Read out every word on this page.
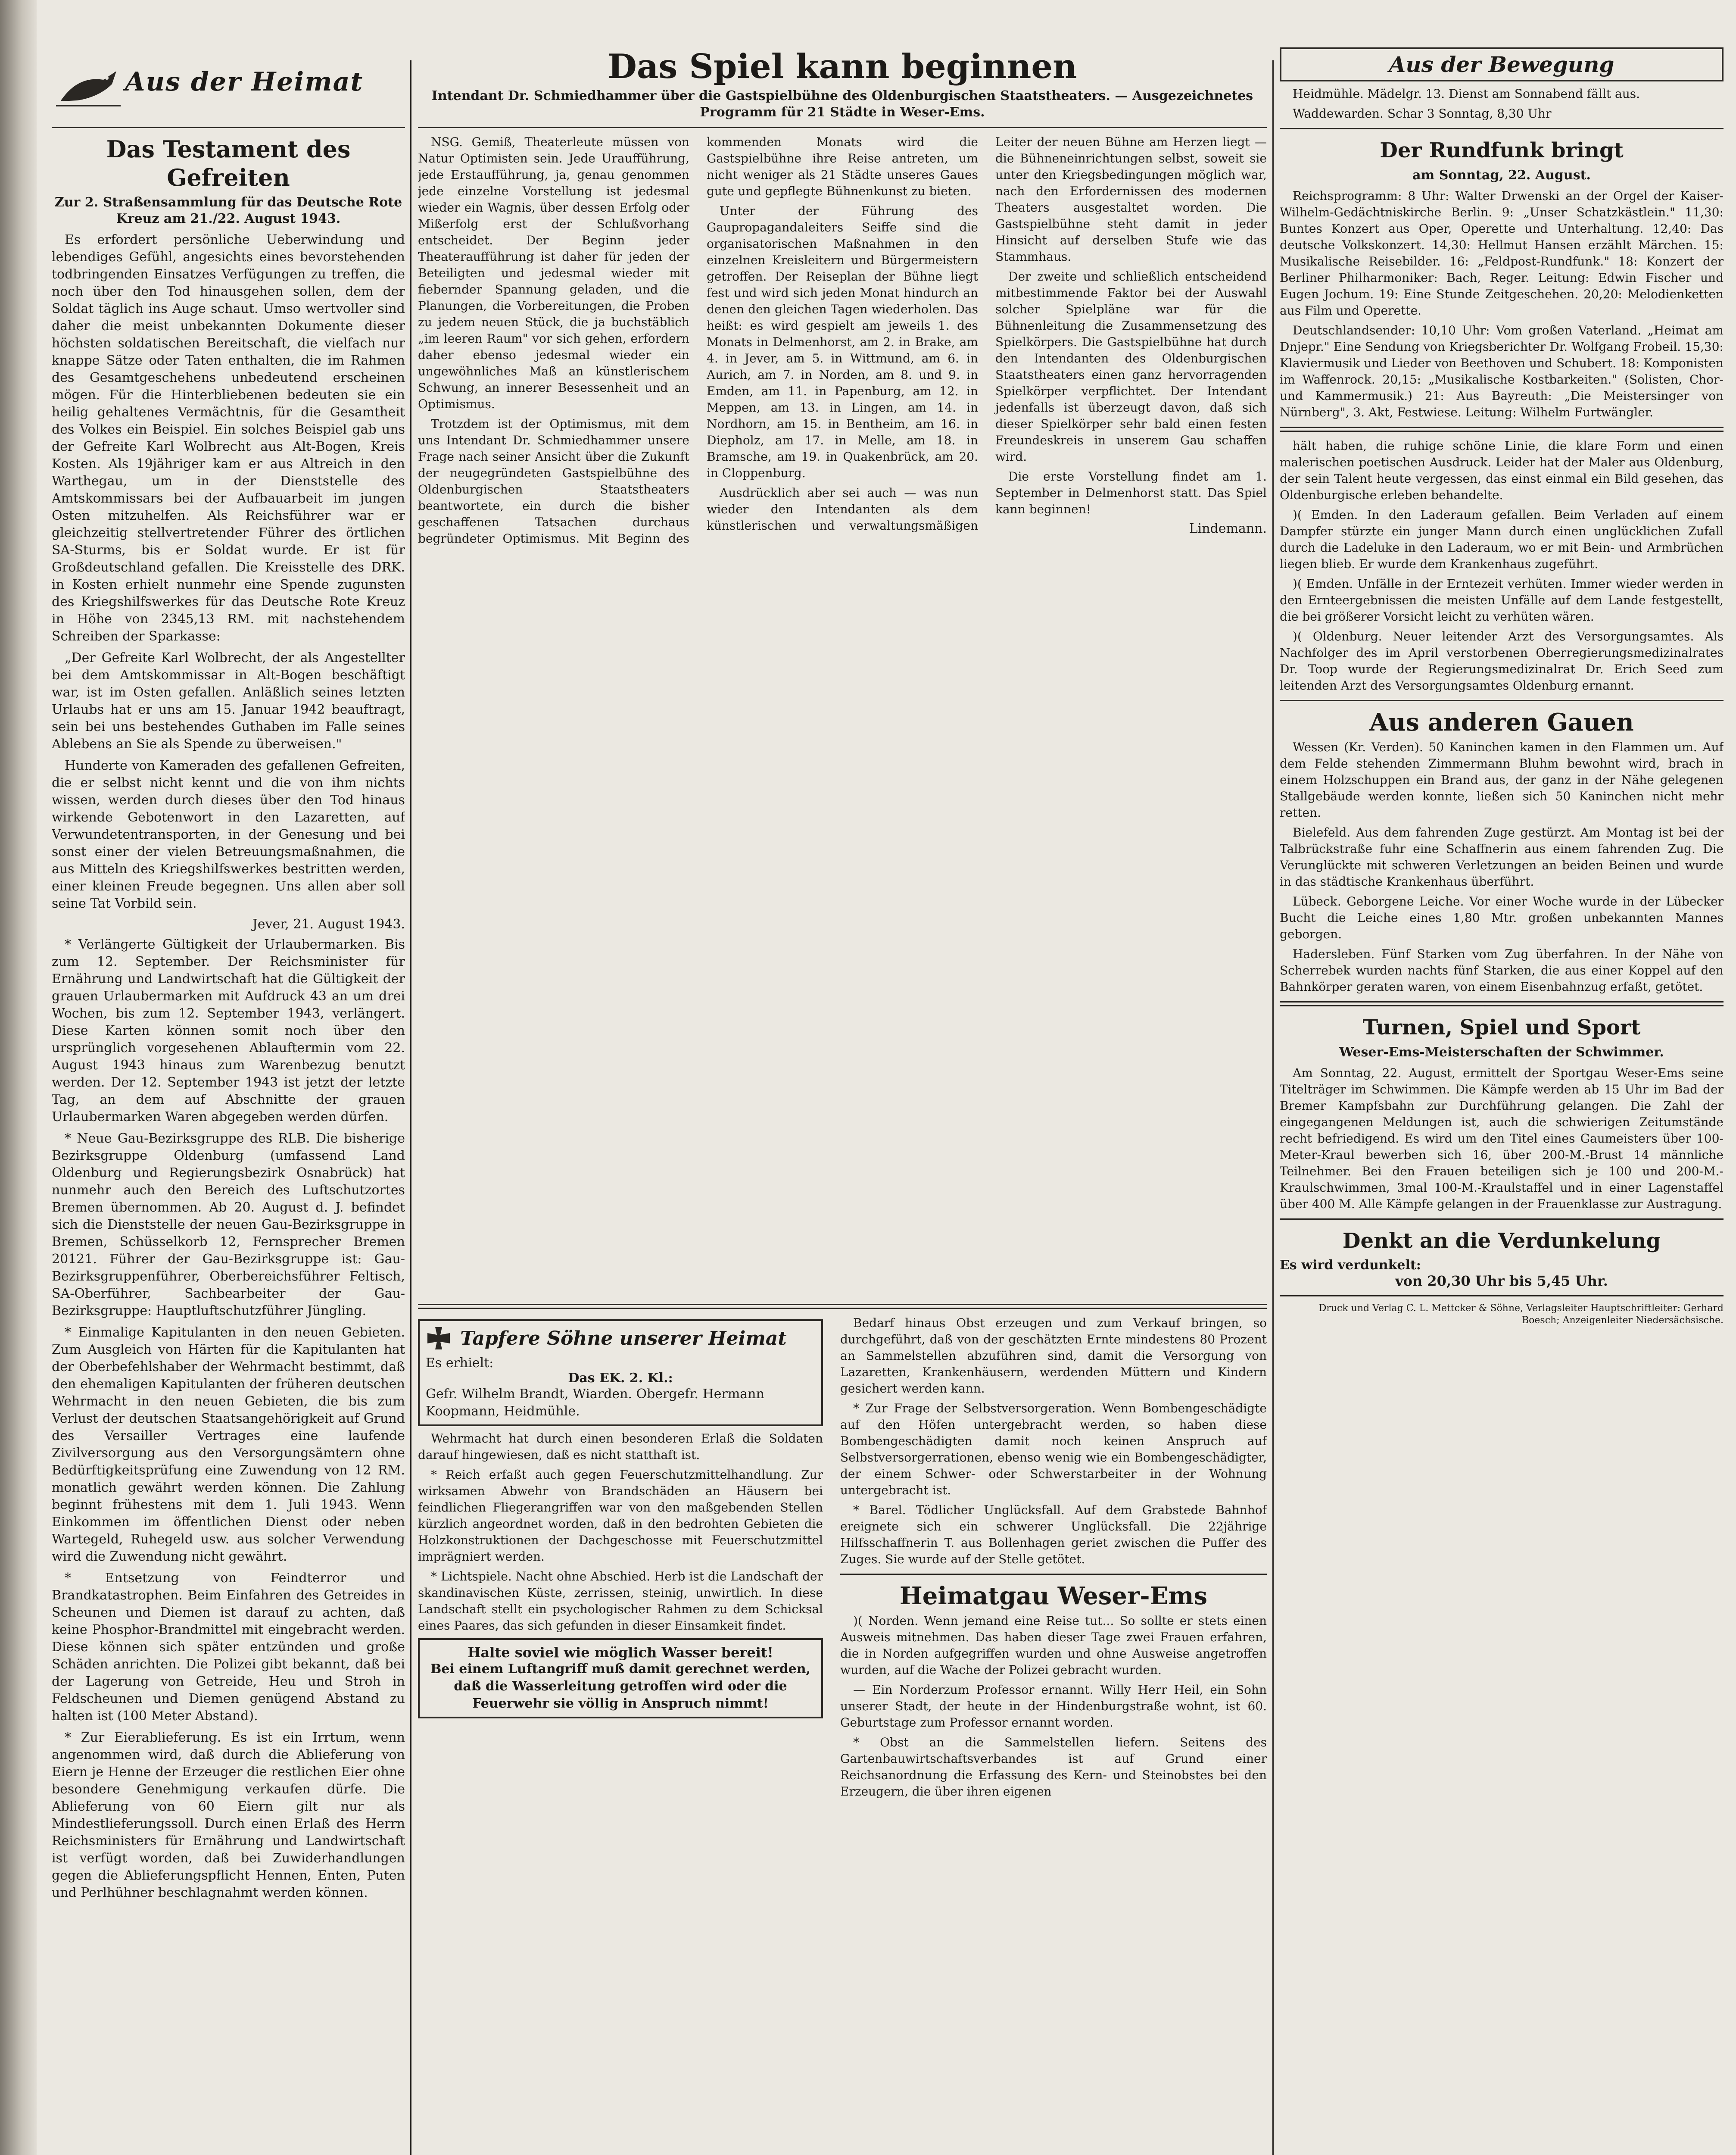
Aus der Heimat
Das Testament des Gefreiten
Zur 2. Straßensammlung für das Deutsche Rote Kreuz am 21./22. August 1943.

Es erfordert persönliche Ueberwindung und lebendiges Gefühl, angesichts eines bevorstehenden todbringenden Einsatzes Verfügungen zu treffen, die noch über den Tod hinausgehen sollen, dem der Soldat täglich ins Auge schaut. Umso wertvoller sind daher die meist unbekannten Dokumente dieser höchsten soldatischen Bereitschaft, die vielfach nur knappe Sätze oder Taten enthalten, die im Rahmen des Gesamtgeschehens unbedeutend erscheinen mögen. Für die Hinterbliebenen bedeuten sie ein heilig gehaltenes Vermächtnis, für die Gesamtheit des Volkes ein Beispiel. Ein solches Beispiel gab uns der Gefreite Karl Wolbrecht aus Alt-Bogen, Kreis Kosten. Als 19jähriger kam er aus Altreich in den Warthegau, um in der Dienststelle des Amtskommissars bei der Aufbauarbeit im jungen Osten mitzuhelfen. Als Reichsführer war er gleichzeitig stellvertretender Führer des örtlichen SA-Sturms, bis er Soldat wurde. Er ist für Großdeutschland gefallen. Die Kreisstelle des DRK. in Kosten erhielt nunmehr eine Spende zugunsten des Kriegshilfswerkes für das Deutsche Rote Kreuz in Höhe von 2345,13 RM. mit nachstehendem Schreiben der Sparkasse:

„Der Gefreite Karl Wolbrecht, der als Angestellter bei dem Amtskommissar in Alt-Bogen beschäftigt war, ist im Osten gefallen. Anläßlich seines letzten Urlaubs hat er uns am 15. Januar 1942 beauftragt, sein bei uns bestehendes Guthaben im Falle seines Ablebens an Sie als Spende zu überweisen."

Hunderte von Kameraden des gefallenen Gefreiten, die er selbst nicht kennt und die von ihm nichts wissen, werden durch dieses über den Tod hinaus wirkende Gebotenwort in den Lazaretten, auf Verwundetentransporten, in der Genesung und bei sonst einer der vielen Betreuungsmaßnahmen, die aus Mitteln des Kriegshilfswerkes bestritten werden, einer kleinen Freude begegnen. Uns allen aber soll seine Tat Vorbild sein.

Jever, 21. August 1943.

* Verlängerte Gültigkeit der Urlaubermarken. Bis zum 12. September. Der Reichsminister für Ernährung und Landwirtschaft hat die Gültigkeit der grauen Urlaubermarken mit Aufdruck 43 an um drei Wochen, bis zum 12. September 1943, verlängert. Diese Karten können somit noch über den ursprünglich vorgesehenen Ablauftermin vom 22. August 1943 hinaus zum Warenbezug benutzt werden. Der 12. September 1943 ist jetzt der letzte Tag, an dem auf Abschnitte der grauen Urlaubermarken Waren abgegeben werden dürfen.

* Neue Gau-Bezirksgruppe des RLB. Die bisherige Bezirksgruppe Oldenburg (umfassend Land Oldenburg und Regierungsbezirk Osnabrück) hat nunmehr auch den Bereich des Luftschutzortes Bremen übernommen. Ab 20. August d. J. befindet sich die Dienststelle der neuen Gau-Bezirksgruppe in Bremen, Schüsselkorb 12, Fernsprecher Bremen 20121. Führer der Gau-Bezirksgruppe ist: Gau-Bezirksgruppenführer, Oberbereichsführer Feltisch, SA-Oberführer, Sachbearbeiter der Gau-Bezirksgruppe: Hauptluftschutzführer Jüngling.

* Einmalige Kapitulanten in den neuen Gebieten. Zum Ausgleich von Härten für die Kapitulanten hat der Oberbefehlshaber der Wehrmacht bestimmt, daß den ehemaligen Kapitulanten der früheren deutschen Wehrmacht in den neuen Gebieten, die bis zum Verlust der deutschen Staatsangehörigkeit auf Grund des Versailler Vertrages eine laufende Zivilversorgung aus den Versorgungsämtern ohne Bedürftigkeitsprüfung eine Zuwendung von 12 RM. monatlich gewährt werden können. Die Zahlung beginnt frühestens mit dem 1. Juli 1943. Wenn Einkommen im öffentlichen Dienst oder neben Wartegeld, Ruhegeld usw. aus solcher Verwendung wird die Zuwendung nicht gewährt.

* Entsetzung von Feindterror und Brandkatastrophen. Beim Einfahren des Getreides in Scheunen und Diemen ist darauf zu achten, daß keine Phosphor-Brandmittel mit eingebracht werden. Diese können sich später entzünden und große Schäden anrichten. Die Polizei gibt bekannt, daß bei der Lagerung von Getreide, Heu und Stroh in Feldscheunen und Diemen genügend Abstand zu halten ist (100 Meter Abstand).

* Zur Eierablieferung. Es ist ein Irrtum, wenn angenommen wird, daß durch die Ablieferung von Eiern je Henne der Erzeuger die restlichen Eier ohne besondere Genehmigung verkaufen dürfe. Die Ablieferung von 60 Eiern gilt nur als Mindestlieferungssoll. Durch einen Erlaß des Herrn Reichsministers für Ernährung und Landwirtschaft ist verfügt worden, daß bei Zuwiderhandlungen gegen die Ablieferungspflicht Hennen, Enten, Puten und Perlhühner beschlagnahmt werden können.

Das Spiel kann beginnen
Intendant Dr. Schmiedhammer über die Gastspielbühne des Oldenburgischen Staatstheaters. — Ausgezeichnetes Programm für 21 Städte in Weser-Ems.

NSG. Gemiß, Theaterleute müssen von Natur Optimisten sein. Jede Uraufführung, jede Erstaufführung, ja, genau genommen jede einzelne Vorstellung ist jedesmal wieder ein Wagnis, über dessen Erfolg oder Mißerfolg erst der Schlußvorhang entscheidet. Der Beginn jeder Theateraufführung ist daher für jeden der Beteiligten und jedesmal wieder mit fiebernder Spannung geladen, und die Planungen, die Vorbereitungen, die Proben zu jedem neuen Stück, die ja buchstäblich „im leeren Raum" vor sich gehen, erfordern daher ebenso jedesmal wieder ein ungewöhnliches Maß an künstlerischem Schwung, an innerer Besessenheit und an Optimismus.

Trotzdem ist der Optimismus, mit dem uns Intendant Dr. Schmiedhammer unsere Frage nach seiner Ansicht über die Zukunft der neugegründeten Gastspielbühne des Oldenburgischen Staatstheaters beantwortete, ein durch die bisher geschaffenen Tatsachen durchaus begründeter Optimismus. Mit Beginn des kommenden Monats wird die Gastspielbühne ihre Reise antreten, um nicht weniger als 21 Städte unseres Gaues gute und gepflegte Bühnenkunst zu bieten.

Unter der Führung des Gaupropagandaleiters Seiffe sind die organisatorischen Maßnahmen in den einzelnen Kreisleitern und Bürgermeistern getroffen. Der Reiseplan der Bühne liegt fest und wird sich jeden Monat hindurch an denen den gleichen Tagen wiederholen. Das heißt: es wird gespielt am jeweils 1. des Monats in Delmenhorst, am 2. in Brake, am 4. in Jever, am 5. in Wittmund, am 6. in Aurich, am 7. in Norden, am 8. und 9. in Emden, am 11. in Papenburg, am 12. in Meppen, am 13. in Lingen, am 14. in Nordhorn, am 15. in Bentheim, am 16. in Diepholz, am 17. in Melle, am 18. in Bramsche, am 19. in Quakenbrück, am 20. in Cloppenburg.

Ausdrücklich aber sei auch — was nun wieder den Intendanten als dem künstlerischen und verwaltungsmäßigen Leiter der neuen Bühne am Herzen liegt — die Bühneneinrichtungen selbst, soweit sie unter den Kriegsbedingungen möglich war, nach den Erfordernissen des modernen Theaters ausgestaltet worden. Die Gastspielbühne steht damit in jeder Hinsicht auf derselben Stufe wie das Stammhaus.

Der zweite und schließlich entscheidend mitbestimmende Faktor bei der Auswahl solcher Spielpläne war für die Bühnenleitung die Zusammensetzung des Spielkörpers. Die Gastspielbühne hat durch den Intendanten des Oldenburgischen Staatstheaters einen ganz hervorragenden Spielkörper verpflichtet. Der Intendant jedenfalls ist überzeugt davon, daß sich dieser Spielkörper sehr bald einen festen Freundeskreis in unserem Gau schaffen wird.

Die erste Vorstellung findet am 1. September in Delmenhorst statt. Das Spiel kann beginnen!

Lindemann.
Tapfere Söhne unserer Heimat
Es erhielt:
Das EK. 2. Kl.:
Gefr. Wilhelm Brandt, Wiarden. Obergefr. Hermann Koopmann, Heidmühle.

Wehrmacht hat durch einen besonderen Erlaß die Soldaten darauf hingewiesen, daß es nicht statthaft ist.

* Reich erfaßt auch gegen Feuerschutzmittelhandlung. Zur wirksamen Abwehr von Brandschäden an Häusern bei feindlichen Fliegerangriffen war von den maßgebenden Stellen kürzlich angeordnet worden, daß in den bedrohten Gebieten die Holzkonstruktionen der Dachgeschosse mit Feuerschutzmittel imprägniert werden.

* Lichtspiele. Nacht ohne Abschied. Herb ist die Landschaft der skandinavischen Küste, zerrissen, steinig, unwirtlich. In diese Landschaft stellt ein psychologischer Rahmen zu dem Schicksal eines Paares, das sich gefunden in dieser Einsamkeit findet.

Halte soviel wie möglich Wasser bereit!
Bei einem Luftangriff muß damit gerechnet werden, daß die Wasserleitung getroffen wird oder die Feuerwehr sie völlig in Anspruch nimmt!

Bedarf hinaus Obst erzeugen und zum Verkauf bringen, so durchgeführt, daß von der geschätzten Ernte mindestens 80 Prozent an Sammelstellen abzuführen sind, damit die Versorgung von Lazaretten, Krankenhäusern, werdenden Müttern und Kindern gesichert werden kann.

* Zur Frage der Selbstversorgeration. Wenn Bombengeschädigte auf den Höfen untergebracht werden, so haben diese Bombengeschädigten damit noch keinen Anspruch auf Selbstversorgerrationen, ebenso wenig wie ein Bombengeschädigter, der einem Schwer- oder Schwerstarbeiter in der Wohnung untergebracht ist.

* Barel. Tödlicher Unglücksfall. Auf dem Grabstede Bahnhof ereignete sich ein schwerer Unglücksfall. Die 22jährige Hilfsschaffnerin T. aus Bollenhagen geriet zwischen die Puffer des Zuges. Sie wurde auf der Stelle getötet.

Heimatgau Weser-Ems

)( Norden. Wenn jemand eine Reise tut... So sollte er stets einen Ausweis mitnehmen. Das haben dieser Tage zwei Frauen erfahren, die in Norden aufgegriffen wurden und ohne Ausweise angetroffen wurden, auf die Wache der Polizei gebracht wurden.

— Ein Norderzum Professor ernannt. Willy Herr Heil, ein Sohn unserer Stadt, der heute in der Hindenburgstraße wohnt, ist 60. Geburtstage zum Professor ernannt worden.

* Obst an die Sammelstellen liefern. Seitens des Gartenbauwirtschaftsverbandes ist auf Grund einer Reichsanordnung die Erfassung des Kern- und Steinobstes bei den Erzeugern, die über ihren eigenen

Aus der Bewegung

Heidmühle. Mädelgr. 13. Dienst am Sonnabend fällt aus.

Waddewarden. Schar 3 Sonntag, 8,30 Uhr

Der Rundfunk bringt
am Sonntag, 22. August.

Reichsprogramm: 8 Uhr: Walter Drwenski an der Orgel der Kaiser-Wilhelm-Gedächtniskirche Berlin. 9: „Unser Schatzkästlein." 11,30: Buntes Konzert aus Oper, Operette und Unterhaltung. 12,40: Das deutsche Volkskonzert. 14,30: Hellmut Hansen erzählt Märchen. 15: Musikalische Reisebilder. 16: „Feldpost-Rundfunk." 18: Konzert der Berliner Philharmoniker: Bach, Reger. Leitung: Edwin Fischer und Eugen Jochum. 19: Eine Stunde Zeitgeschehen. 20,20: Melodienketten aus Film und Operette.

Deutschlandsender: 10,10 Uhr: Vom großen Vaterland. „Heimat am Dnjepr." Eine Sendung von Kriegsberichter Dr. Wolfgang Frobeil. 15,30: Klaviermusik und Lieder von Beethoven und Schubert. 18: Komponisten im Waffenrock. 20,15: „Musikalische Kostbarkeiten." (Solisten, Chor- und Kammermusik.) 21: Aus Bayreuth: „Die Meistersinger von Nürnberg", 3. Akt, Festwiese. Leitung: Wilhelm Furtwängler.

hält haben, die ruhige schöne Linie, die klare Form und einen malerischen poetischen Ausdruck. Leider hat der Maler aus Oldenburg, der sein Talent heute vergessen, das einst einmal ein Bild gesehen, das Oldenburgische erleben behandelte.

)( Emden. In den Laderaum gefallen. Beim Verladen auf einem Dampfer stürzte ein junger Mann durch einen unglücklichen Zufall durch die Ladeluke in den Laderaum, wo er mit Bein- und Armbrüchen liegen blieb. Er wurde dem Krankenhaus zugeführt.

)( Emden. Unfälle in der Erntezeit verhüten. Immer wieder werden in den Ernteergebnissen die meisten Unfälle auf dem Lande festgestellt, die bei größerer Vorsicht leicht zu verhüten wären.

)( Oldenburg. Neuer leitender Arzt des Versorgungsamtes. Als Nachfolger des im April verstorbenen Oberregierungsmedizinalrates Dr. Toop wurde der Regierungsmedizinalrat Dr. Erich Seed zum leitenden Arzt des Versorgungsamtes Oldenburg ernannt.

Aus anderen Gauen

Wessen (Kr. Verden). 50 Kaninchen kamen in den Flammen um. Auf dem Felde stehenden Zimmermann Bluhm bewohnt wird, brach in einem Holzschuppen ein Brand aus, der ganz in der Nähe gelegenen Stallgebäude werden konnte, ließen sich 50 Kaninchen nicht mehr retten.

Bielefeld. Aus dem fahrenden Zuge gestürzt. Am Montag ist bei der Talbrückstraße fuhr eine Schaffnerin aus einem fahrenden Zug. Die Verunglückte mit schweren Verletzungen an beiden Beinen und wurde in das städtische Krankenhaus überführt.

Lübeck. Geborgene Leiche. Vor einer Woche wurde in der Lübecker Bucht die Leiche eines 1,80 Mtr. großen unbekannten Mannes geborgen.

Hadersleben. Fünf Starken vom Zug überfahren. In der Nähe von Scherrebek wurden nachts fünf Starken, die aus einer Koppel auf den Bahnkörper geraten waren, von einem Eisenbahnzug erfaßt, getötet.

Turnen, Spiel und Sport
Weser-Ems-Meisterschaften der Schwimmer.

Am Sonntag, 22. August, ermittelt der Sportgau Weser-Ems seine Titelträger im Schwimmen. Die Kämpfe werden ab 15 Uhr im Bad der Bremer Kampfsbahn zur Durchführung gelangen. Die Zahl der eingegangenen Meldungen ist, auch die schwierigen Zeitumstände recht befriedigend. Es wird um den Titel eines Gaumeisters über 100-Meter-Kraul bewerben sich 16, über 200-M.-Brust 14 männliche Teilnehmer. Bei den Frauen beteiligen sich je 100 und 200-M.-Kraulschwimmen, 3mal 100-M.-Kraulstaffel und in einer Lagenstaffel über 400 M. Alle Kämpfe gelangen in der Frauenklasse zur Austragung.

Denkt an die Verdunkelung
Es wird verdunkelt:
von 20,30 Uhr bis 5,45 Uhr.
Druck und Verlag C. L. Mettcker & Söhne, Verlagsleiter Hauptschriftleiter: Gerhard Boesch; Anzeigenleiter Niedersächsische.
